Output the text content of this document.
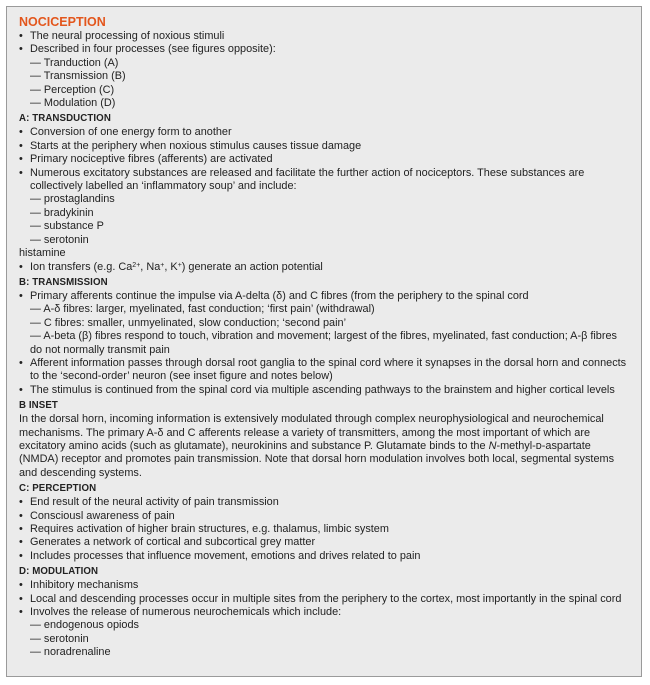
NOCICEPTION
• The neural processing of noxious stimuli
• Described in four processes (see figures opposite):
— Tranduction (A)
— Transmission (B)
— Perception (C)
— Modulation (D)
A: TRANSDUCTION
• Conversion of one energy form to another
• Starts at the periphery when noxious stimulus causes tissue damage
• Primary nociceptive fibres (afferents) are activated
• Numerous excitatory substances are released and facilitate the further action of nociceptors. These substances are collectively labelled an ‘inflammatory soup’ and include:
— prostaglandins
— bradykinin
— substance P
— serotonin
histamine
• Ion transfers (e.g. $Ca^{2+}$, Na+, K+) generate an action potential
B: TRANSMISSION
• Primary afferents continue the impulse via A-delta (δ) and C fibres (from the periphery to the spinal cord
— A-δ fibres: larger, myelinated, fast conduction; ‘first pain’ (withdrawal)
— C fibres: smaller, unmyelinated, slow conduction; ‘second pain’
— A-beta (β) fibres respond to touch, vibration and movement; largest of the fibres, myelinated, fast conduction; A-β fibres do not normally transmit pain
• Afferent information passes through dorsal root ganglia to the spinal cord where it synapses in the dorsal horn and connects to the ‘second-order’ neuron (see inset figure and notes below)
• The stimulus is continued from the spinal cord via multiple ascending pathways to the brainstem and higher cortical levels
B INSET

In the dorsal horn, incoming information is extensively modulated through complex neurophysiological and neurochemical mechanisms. The primary A-δ and C afferents release a variety of transmitters, among the most important of which are excitatory amino acids (such as glutamate), neurokinins and substance P. Glutamate binds to the N-methyl-ᴅ-aspartate (NMDA) receptor and promotes pain transmission. Note that dorsal horn modulation involves both local, segmental systems and descending systems.

C: PERCEPTION
• End result of the neural activity of pain transmission
• Consciousl awareness of pain
• Requires activation of higher brain structures, e.g. thalamus, limbic system
• Generates a network of cortical and subcortical grey matter
• Includes processes that influence movement, emotions and drives related to pain
D: MODULATION
• Inhibitory mechanisms
• Local and descending processes occur in multiple sites from the periphery to the cortex, most importantly in the spinal cord
• Involves the release of numerous neurochemicals which include:
— endogenous opiods
— serotonin
— noradrenaline
